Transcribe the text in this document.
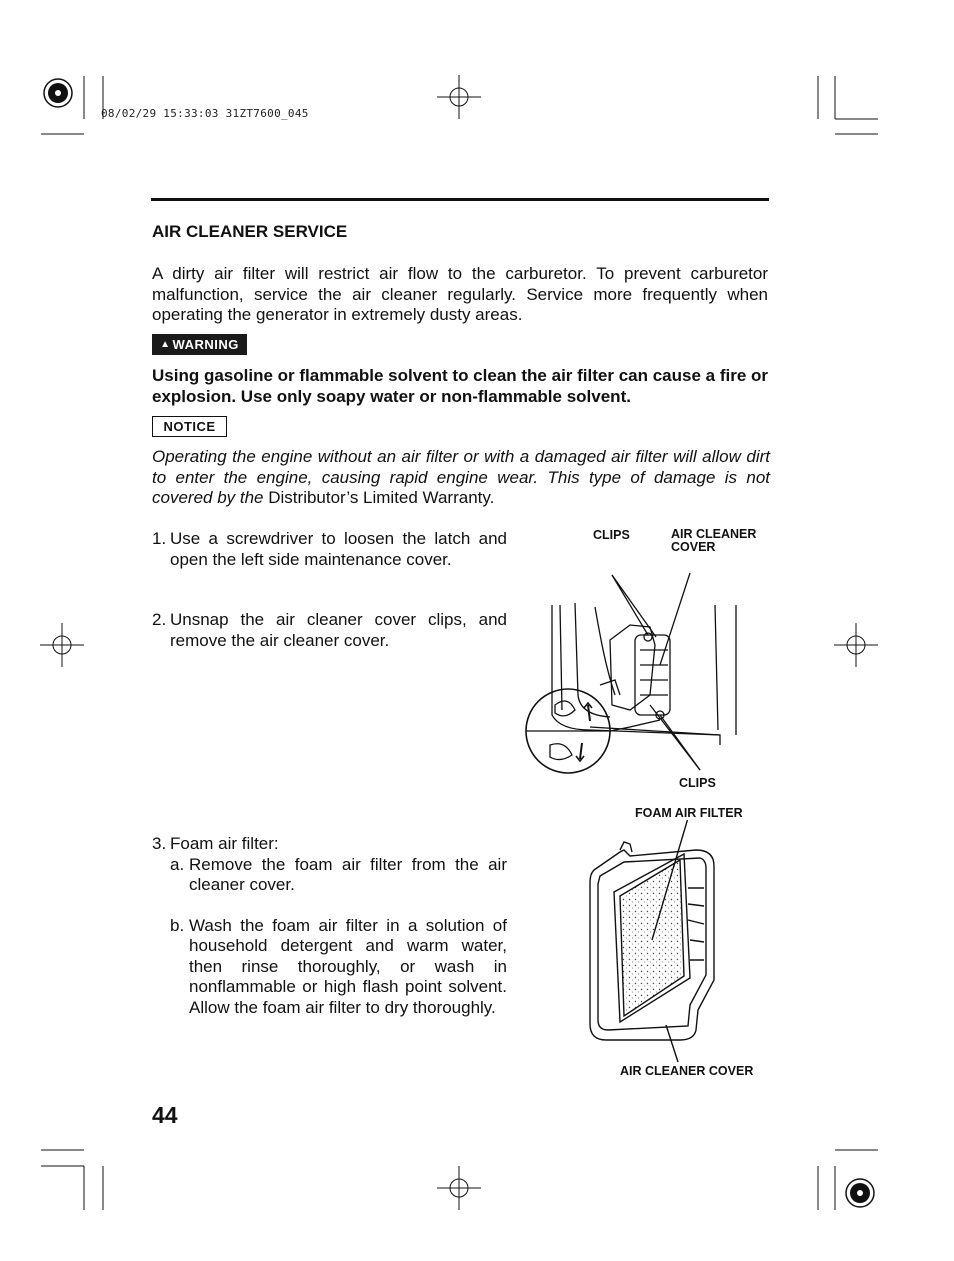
08/02/29 15:33:03 31ZT7600_045
AIR CLEANER SERVICE
A dirty air filter will restrict air flow to the carburetor. To prevent carburetor malfunction, service the air cleaner regularly. Service more frequently when operating the generator in extremely dusty areas.
▲ WARNING
Using gasoline or flammable solvent to clean the air filter can cause a fire or explosion. Use only soapy water or non-flammable solvent.
NOTICE
Operating the engine without an air filter or with a damaged air filter will allow dirt to enter the engine, causing rapid engine wear. This type of damage is not covered by the Distributor’s Limited Warranty.
1. Use a screwdriver to loosen the latch and open the left side maintenance cover.
2. Unsnap the air cleaner cover clips, and remove the air cleaner cover.
3. Foam air filter:
a. Remove the foam air filter from the air cleaner cover.
b. Wash the foam air filter in a solution of household detergent and warm water, then rinse thoroughly, or wash in nonflammable or high flash point solvent. Allow the foam air filter to dry thoroughly.
CLIPS	AIR CLEANER
COVER
CLIPS
FOAM AIR FILTER
AIR CLEANER COVER
44
